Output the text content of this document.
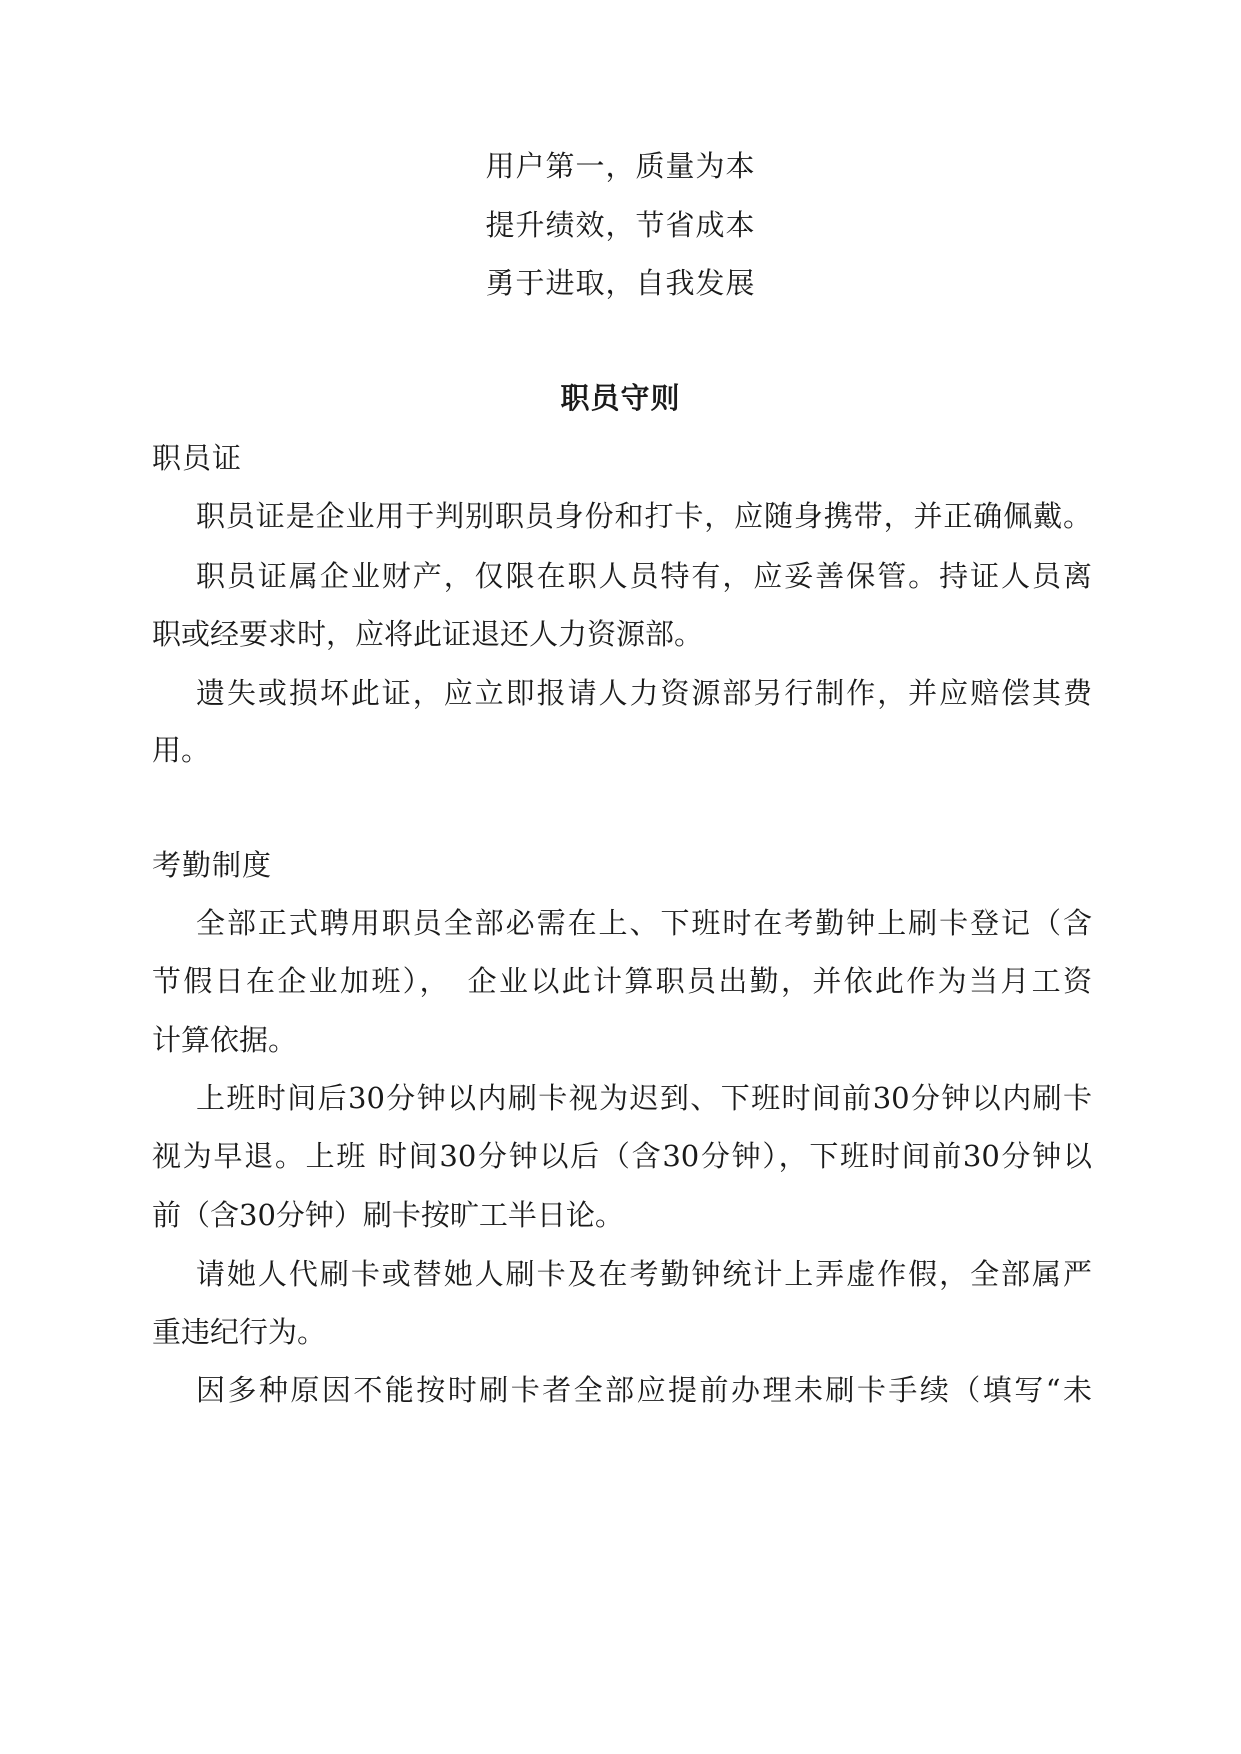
用户第一，质量为本
提升绩效，节省成本
勇于进取，自我发展
职员守则
职员证
职员证是企业用于判别职员身份和打卡，应随身携带，并正确佩戴。
职员证属企业财产，仅限在职人员特有，应妥善保管。持证人员离
职或经要求时，应将此证退还人力资源部。
遗失或损坏此证，应立即报请人力资源部另行制作，并应赔偿其费
用。
考勤制度
全部正式聘用职员全部必需在上、下班时在考勤钟上刷卡登记（含
节假日在企业加班），　企业以此计算职员出勤，并依此作为当月工资
计算依据。
上班时间后30分钟以内刷卡视为迟到、下班时间前30分钟以内刷卡
视为早退。上班 时间30分钟以后（含30分钟），下班时间前30分钟以
前（含30分钟）刷卡按旷工半日论。
请她人代刷卡或替她人刷卡及在考勤钟统计上弄虚作假，全部属严
重违纪行为。
因多种原因不能按时刷卡者全部应提前办理未刷卡手续（填写“未
